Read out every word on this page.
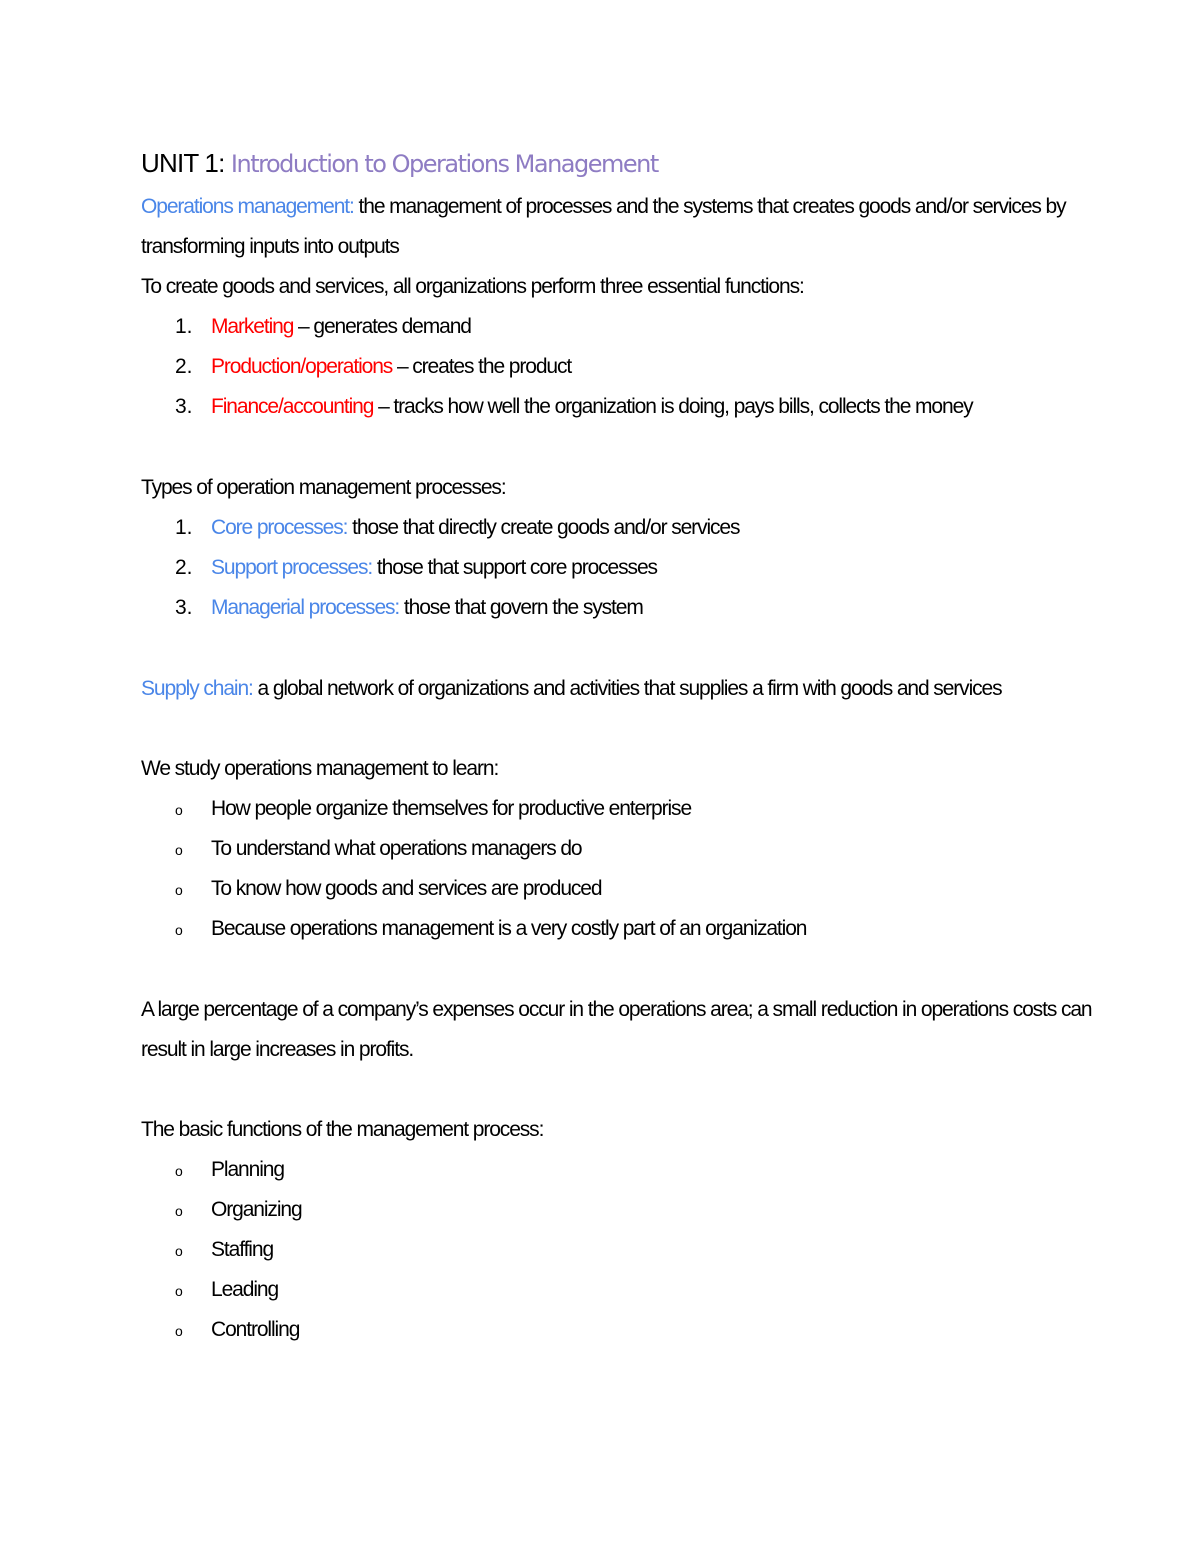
UNIT 1: Introduction to Operations Management
Operations management: the management of processes and the systems that creates goods and/or services by
transforming inputs into outputs
To create goods and services, all organizations perform three essential functions:
1. Marketing – generates demand
2. Production/operations – creates the product
3. Finance/accounting – tracks how well the organization is doing, pays bills, collects the money
Types of operation management processes:
1. Core processes: those that directly create goods and/or services
2. Support processes: those that support core processes
3. Managerial processes: those that govern the system
Supply chain: a global network of organizations and activities that supplies a firm with goods and services
We study operations management to learn:
o How people organize themselves for productive enterprise
o To understand what operations managers do
o To know how goods and services are produced
o Because operations management is a very costly part of an organization
A large percentage of a company’s expenses occur in the operations area; a small reduction in operations costs can
result in large increases in profits.
The basic functions of the management process:
o Planning
o Organizing
o Staffing
o Leading
o Controlling
